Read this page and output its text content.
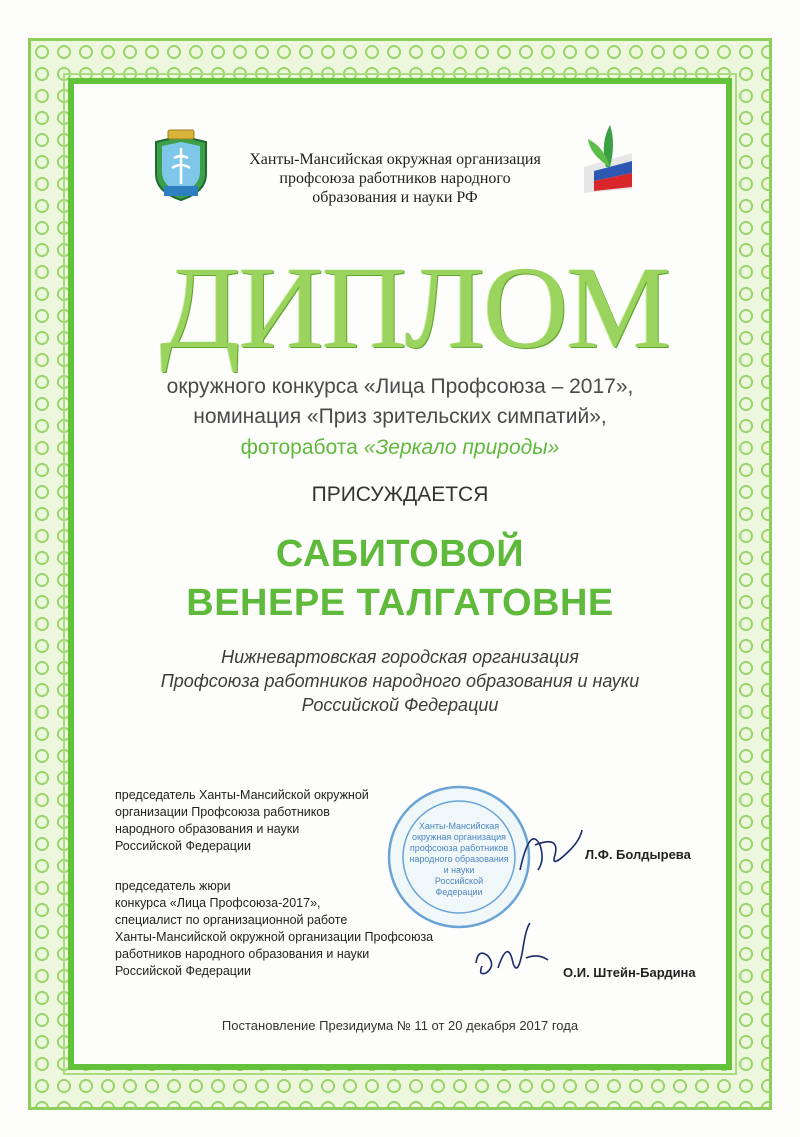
Ханты-Мансийская окружная организация
профсоюза работников народного
образования и науки РФ
ДИПЛОМ
окружного конкурса «Лица Профсоюза – 2017»,
номинация «Приз зрительских симпатий»,
фоторабота «Зеркало природы»
ПРИСУЖДАЕТСЯ
САБИТОВОЙ
ВЕНЕРЕ ТАЛГАТОВНЕ
Нижневартовская городская организация
Профсоюза работников народного образования и науки
Российской Федерации
председатель Ханты-Мансийской окружной
организации Профсоюза работников
народного образования и науки
Российской Федерации
Л.Ф. Болдырева
председатель жюри
конкурса «Лица Профсоюза-2017»,
специалист по организационной работе
Ханты-Мансийской окружной организации Профсоюза
работников народного образования и науки
Российской Федерации	О.И. Штейн-Бардина
Ханты-Мансийская
окружная организация
профсоюза работников
народного образования
и науки
Российской
Федерации
Постановление Президиума № 11 от 20 декабря 2017 года
